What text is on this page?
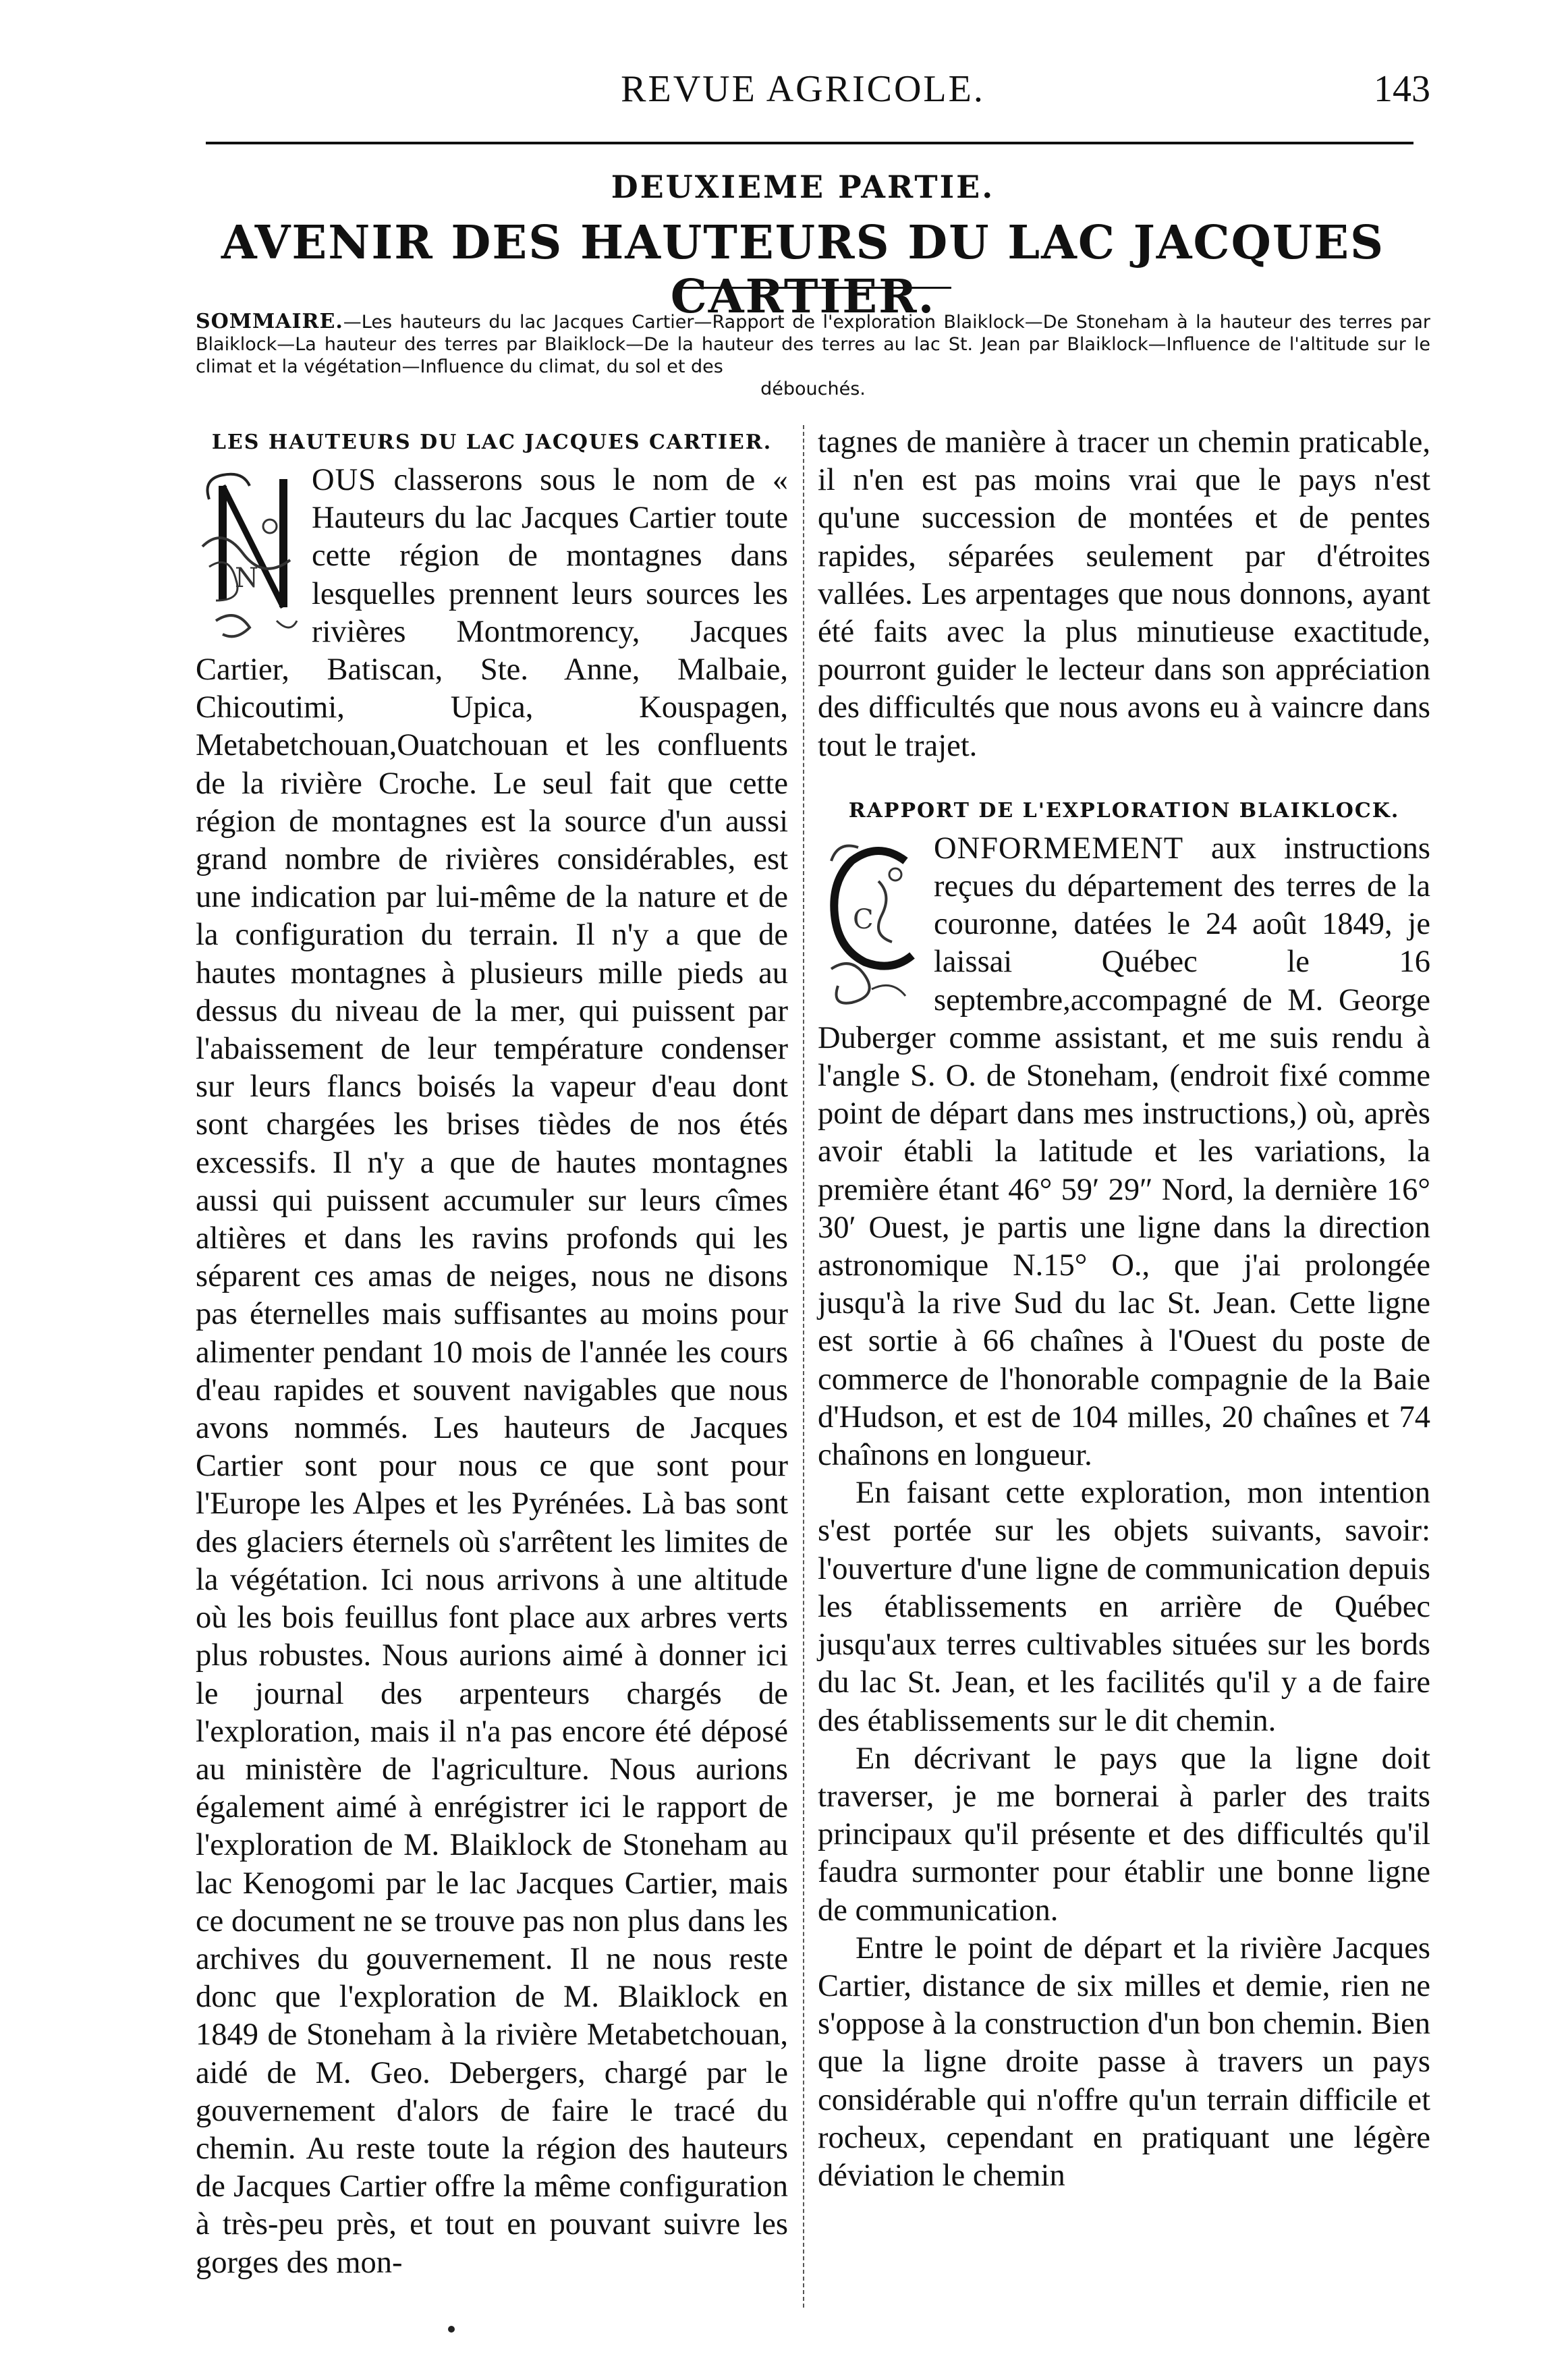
REVUE AGRICOLE.	143
DEUXIEME PARTIE.
AVENIR DES HAUTEURS DU LAC JACQUES CARTIER.
SOMMAIRE.—Les hauteurs du lac Jacques Cartier—Rapport de l'exploration Blaiklock—De Stoneham à la hauteur des terres par Blaiklock—La hauteur des terres par Blaiklock—De la hauteur des terres au lac St. Jean par Blaiklock—Influence de l'altitude sur le climat et la végétation—Influence du climat, du sol et des
débouchés.
LES HAUTEURS DU LAC JACQUES CARTIER.

N
OUS classerons sous le nom de « Hauteurs du lac Jacques Cartier toute cette région de montagnes dans lesquelles prennent leurs sources les rivières Montmorency, Jacques Cartier, Batiscan, Ste. Anne, Malbaie, Chicoutimi, Upica, Kouspagen, Metabetchouan,Ouatchouan et les confluents de la rivière Croche. Le seul fait que cette région de montagnes est la source d'un aussi grand nombre de rivières considérables, est une indication par lui-même de la nature et de la configuration du terrain. Il n'y a que de hautes montagnes à plusieurs mille pieds au dessus du niveau de la mer, qui puissent par l'abaissement de leur température condenser sur leurs flancs boisés la vapeur d'eau dont sont chargées les brises tièdes de nos étés excessifs. Il n'y a que de hautes montagnes aussi qui puissent accumuler sur leurs cîmes altières et dans les ravins profonds qui les séparent ces amas de neiges, nous ne disons pas éternelles mais suffisantes au moins pour alimenter pendant 10 mois de l'année les cours d'eau rapides et souvent navigables que nous avons nommés. Les hauteurs de Jacques Cartier sont pour nous ce que sont pour l'Europe les Alpes et les Pyrénées. Là bas sont des glaciers éternels où s'arrêtent les limites de la végétation. Ici nous arrivons à une altitude où les bois feuillus font place aux arbres verts plus robustes. Nous aurions aimé à donner ici le journal des arpenteurs chargés de l'exploration, mais il n'a pas encore été déposé au ministère de l'agriculture. Nous aurions également aimé à enrégistrer ici le rapport de l'exploration de M. Blaiklock de Stoneham au lac Kenogomi par le lac Jacques Cartier, mais ce document ne se trouve pas non plus dans les archives du gouvernement. Il ne nous reste donc que l'exploration de M. Blaiklock en 1849 de Stoneham à la rivière Metabetchouan, aidé de M. Geo. Debergers, chargé par le gouvernement d'alors de faire le tracé du chemin. Au reste toute la région des hauteurs de Jacques Cartier offre la même configuration à très-peu près, et tout en pouvant suivre les gorges des mon-

tagnes de manière à tracer un chemin praticable, il n'en est pas moins vrai que le pays n'est qu'une succession de montées et de pentes rapides, séparées seulement par d'étroites vallées. Les arpentages que nous donnons, ayant été faits avec la plus minutieuse exactitude, pourront guider le lecteur dans son appréciation des difficultés que nous avons eu à vaincre dans tout le trajet.

RAPPORT DE L'EXPLORATION BLAIKLOCK.

C
ONFORMEMENT aux instructions reçues du département des terres de la couronne, datées le 24 août 1849, je laissai Québec le 16 septembre,accompagné de M. George Duberger comme assistant, et me suis rendu à l'angle S. O. de Stoneham, (endroit fixé comme point de départ dans mes instructions,) où, après avoir établi la latitude et les variations, la première étant 46° 59′ 29″ Nord, la dernière 16° 30′ Ouest, je partis une ligne dans la direction astronomique N.15° O., que j'ai prolongée jusqu'à la rive Sud du lac St. Jean. Cette ligne est sortie à 66 chaînes à l'Ouest du poste de commerce de l'honorable compagnie de la Baie d'Hudson, et est de 104 milles, 20 chaînes et 74 chaînons en longueur.

En faisant cette exploration, mon intention s'est portée sur les objets suivants, savoir: l'ouverture d'une ligne de communication depuis les établissements en arrière de Québec jusqu'aux terres cultivables situées sur les bords du lac St. Jean, et les facilités qu'il y a de faire des établissements sur le dit chemin.

En décrivant le pays que la ligne doit traverser, je me bornerai à parler des traits principaux qu'il présente et des difficultés qu'il faudra surmonter pour établir une bonne ligne de communication.

Entre le point de départ et la rivière Jacques Cartier, distance de six milles et demie, rien ne s'oppose à la construction d'un bon chemin. Bien que la ligne droite passe à travers un pays considérable qui n'offre qu'un terrain difficile et rocheux, cependant en pratiquant une légère déviation le chemin
